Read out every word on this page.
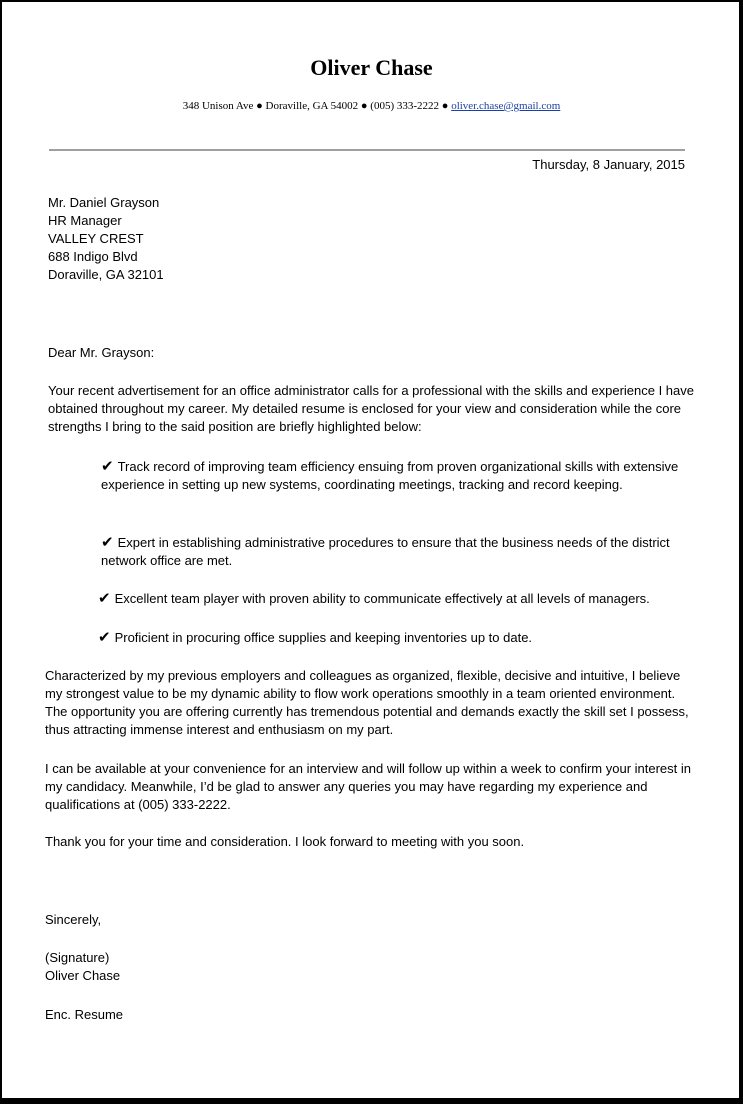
Oliver Chase
348 Unison Ave ● Doraville, GA 54002 ● (005) 333-2222 ● oliver.chase@gmail.com
Thursday, 8 January, 2015
Mr. Daniel Grayson
HR Manager
VALLEY CREST
688 Indigo Blvd
Doraville, GA 32101
Dear Mr. Grayson:

Your recent advertisement for an office administrator calls for a professional with the skills and experience I have obtained throughout my career. My detailed resume is enclosed for your view and consideration while the core strengths I bring to the said position are briefly highlighted below:

✔ Track record of improving team efficiency ensuing from proven organizational skills with extensive experience in setting up new systems, coordinating meetings, tracking and record keeping.

✔ Expert in establishing administrative procedures to ensure that the business needs of the district network office are met.

✔ Excellent team player with proven ability to communicate effectively at all levels of managers.

✔ Proficient in procuring office supplies and keeping inventories up to date.

Characterized by my previous employers and colleagues as organized, flexible, decisive and intuitive, I believe my strongest value to be my dynamic ability to flow work operations smoothly in a team oriented environment. The opportunity you are offering currently has tremendous potential and demands exactly the skill set I possess, thus attracting immense interest and enthusiasm on my part.

I can be available at your convenience for an interview and will follow up within a week to confirm your interest in my candidacy. Meanwhile, I’d be glad to answer any queries you may have regarding my experience and qualifications at (005) 333-2222.

Thank you for your time and consideration. I look forward to meeting with you soon.

Sincerely,
(Signature)
Oliver Chase
Enc. Resume
